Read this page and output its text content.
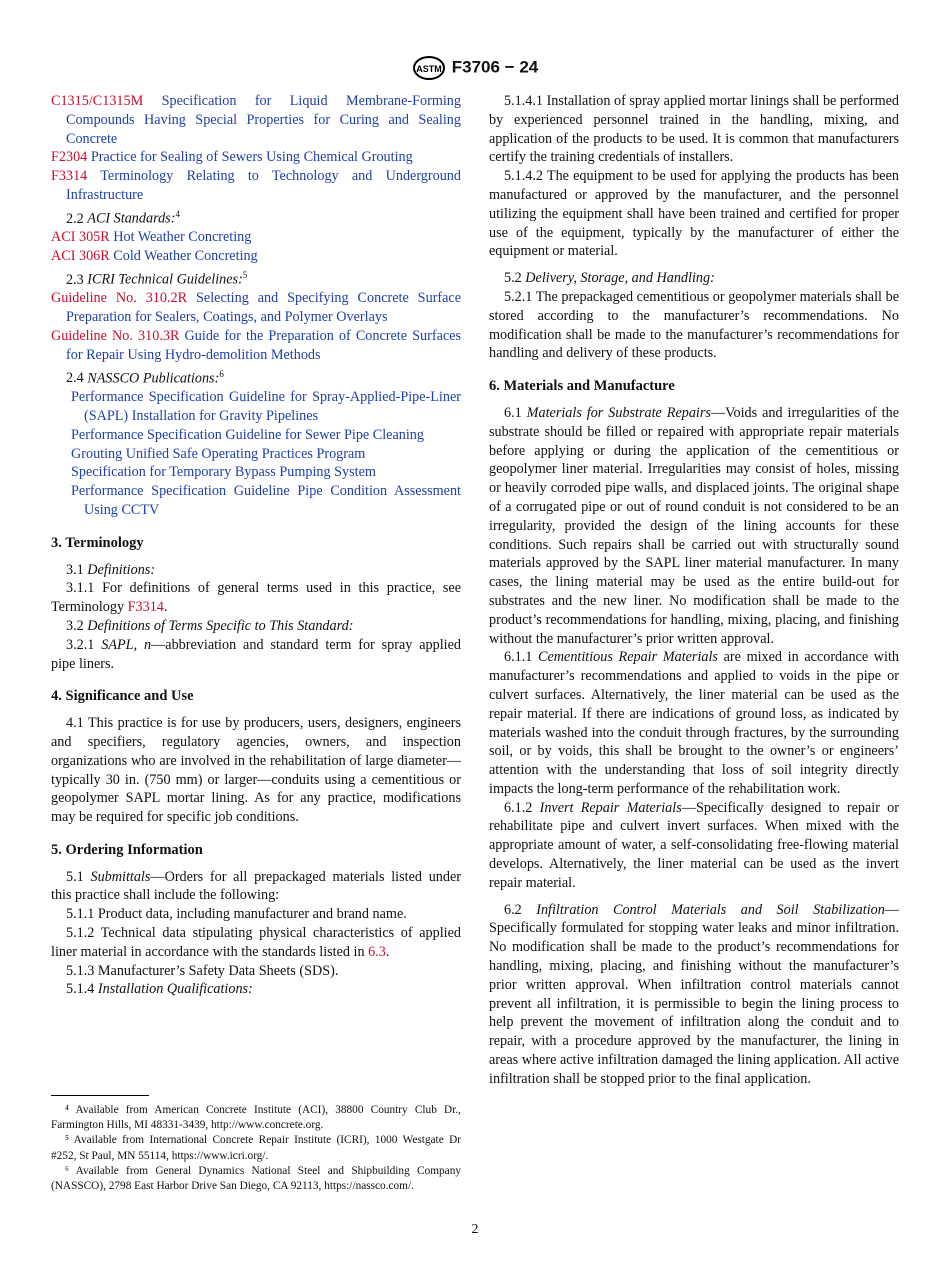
ASTM F3706 − 24

C1315/C1315M Specification for Liquid Membrane-Forming Compounds Having Special Properties for Curing and Sealing Concrete

F2304 Practice for Sealing of Sewers Using Chemical Grouting

F3314 Terminology Relating to Technology and Underground Infrastructure

2.2 ACI Standards:$^4$

ACI 305R Hot Weather Concreting

ACI 306R Cold Weather Concreting

2.3 ICRI Technical Guidelines:$^5$

Guideline No. 310.2R Selecting and Specifying Concrete Surface Preparation for Sealers, Coatings, and Polymer Overlays

Guideline No. 310.3R Guide for the Preparation of Concrete Surfaces for Repair Using Hydro-demolition Methods

2.4 NASSCO Publications:$^6$

Performance Specification Guideline for Spray-Applied-Pipe-Liner (SAPL) Installation for Gravity Pipelines

Performance Specification Guideline for Sewer Pipe Cleaning

Grouting Unified Safe Operating Practices Program

Specification for Temporary Bypass Pumping System

Performance Specification Guideline Pipe Condition Assessment Using CCTV

3. Terminology

3.1 Definitions:

3.1.1 For definitions of general terms used in this practice, see Terminology F3314.

3.2 Definitions of Terms Specific to This Standard:

3.2.1 SAPL, n—abbreviation and standard term for spray applied pipe liners.

4. Significance and Use

4.1 This practice is for use by producers, users, designers, engineers and specifiers, regulatory agencies, owners, and inspection organizations who are involved in the rehabilitation of large diameter—typically 30 in. (750 mm) or larger—conduits using a cementitious or geopolymer SAPL mortar lining. As for any practice, modifications may be required for specific job conditions.

5. Ordering Information

5.1 Submittals—Orders for all prepackaged materials listed under this practice shall include the following:

5.1.1 Product data, including manufacturer and brand name.

5.1.2 Technical data stipulating physical characteristics of applied liner material in accordance with the standards listed in 6.3.

5.1.3 Manufacturer’s Safety Data Sheets (SDS).

5.1.4 Installation Qualifications:

⁴ Available from American Concrete Institute (ACI), 38800 Country Club Dr., Farmington Hills, MI 48331-3439, http://www.concrete.org.

⁵ Available from International Concrete Repair Institute (ICRI), 1000 Westgate Dr #252, St Paul, MN 55114, https://www.icri.org/.

⁶ Available from General Dynamics National Steel and Shipbuilding Company (NASSCO), 2798 East Harbor Drive San Diego, CA 92113, https://nassco.com/.

5.1.4.1 Installation of spray applied mortar linings shall be performed by experienced personnel trained in the handling, mixing, and application of the products to be used. It is common that manufacturers certify the training credentials of installers.

5.1.4.2 The equipment to be used for applying the products has been manufactured or approved by the manufacturer, and the personnel utilizing the equipment shall have been trained and certified for proper use of the equipment, typically by the manufacturer of either the equipment or material.

5.2 Delivery, Storage, and Handling:

5.2.1 The prepackaged cementitious or geopolymer materials shall be stored according to the manufacturer’s recommendations. No modification shall be made to the manufacturer’s recommendations for handling and delivery of these products.

6. Materials and Manufacture

6.1 Materials for Substrate Repairs—Voids and irregularities of the substrate should be filled or repaired with appropriate repair materials before applying or during the application of the cementitious or geopolymer liner material. Irregularities may consist of holes, missing or heavily corroded pipe walls, and displaced joints. The original shape of a corrugated pipe or out of round conduit is not considered to be an irregularity, provided the design of the lining accounts for these conditions. Such repairs shall be carried out with structurally sound materials approved by the SAPL liner material manufacturer. In many cases, the lining material may be used as the entire build-out for substrates and the new liner. No modification shall be made to the product’s recommendations for handling, mixing, placing, and finishing without the manufacturer’s prior written approval.

6.1.1 Cementitious Repair Materials are mixed in accordance with manufacturer’s recommendations and applied to voids in the pipe or culvert surfaces. Alternatively, the liner material can be used as the repair material. If there are indications of ground loss, as indicated by materials washed into the conduit through fractures, by the surrounding soil, or by voids, this shall be brought to the owner’s or engineers’ attention with the understanding that loss of soil integrity directly impacts the long-term performance of the rehabilitation work.

6.1.2 Invert Repair Materials—Specifically designed to repair or rehabilitate pipe and culvert invert surfaces. When mixed with the appropriate amount of water, a self-consolidating free-flowing material develops. Alternatively, the liner material can be used as the invert repair material.

6.2 Infiltration Control Materials and Soil Stabilization—Specifically formulated for stopping water leaks and minor infiltration. No modification shall be made to the product’s recommendations for handling, mixing, placing, and finishing without the manufacturer’s prior written approval. When infiltration control materials cannot prevent all infiltration, it is permissible to begin the lining process to help prevent the movement of infiltration along the conduit and to repair, with a procedure approved by the manufacturer, the lining in areas where active infiltration damaged the lining application. All active infiltration shall be stopped prior to the final application.

2
